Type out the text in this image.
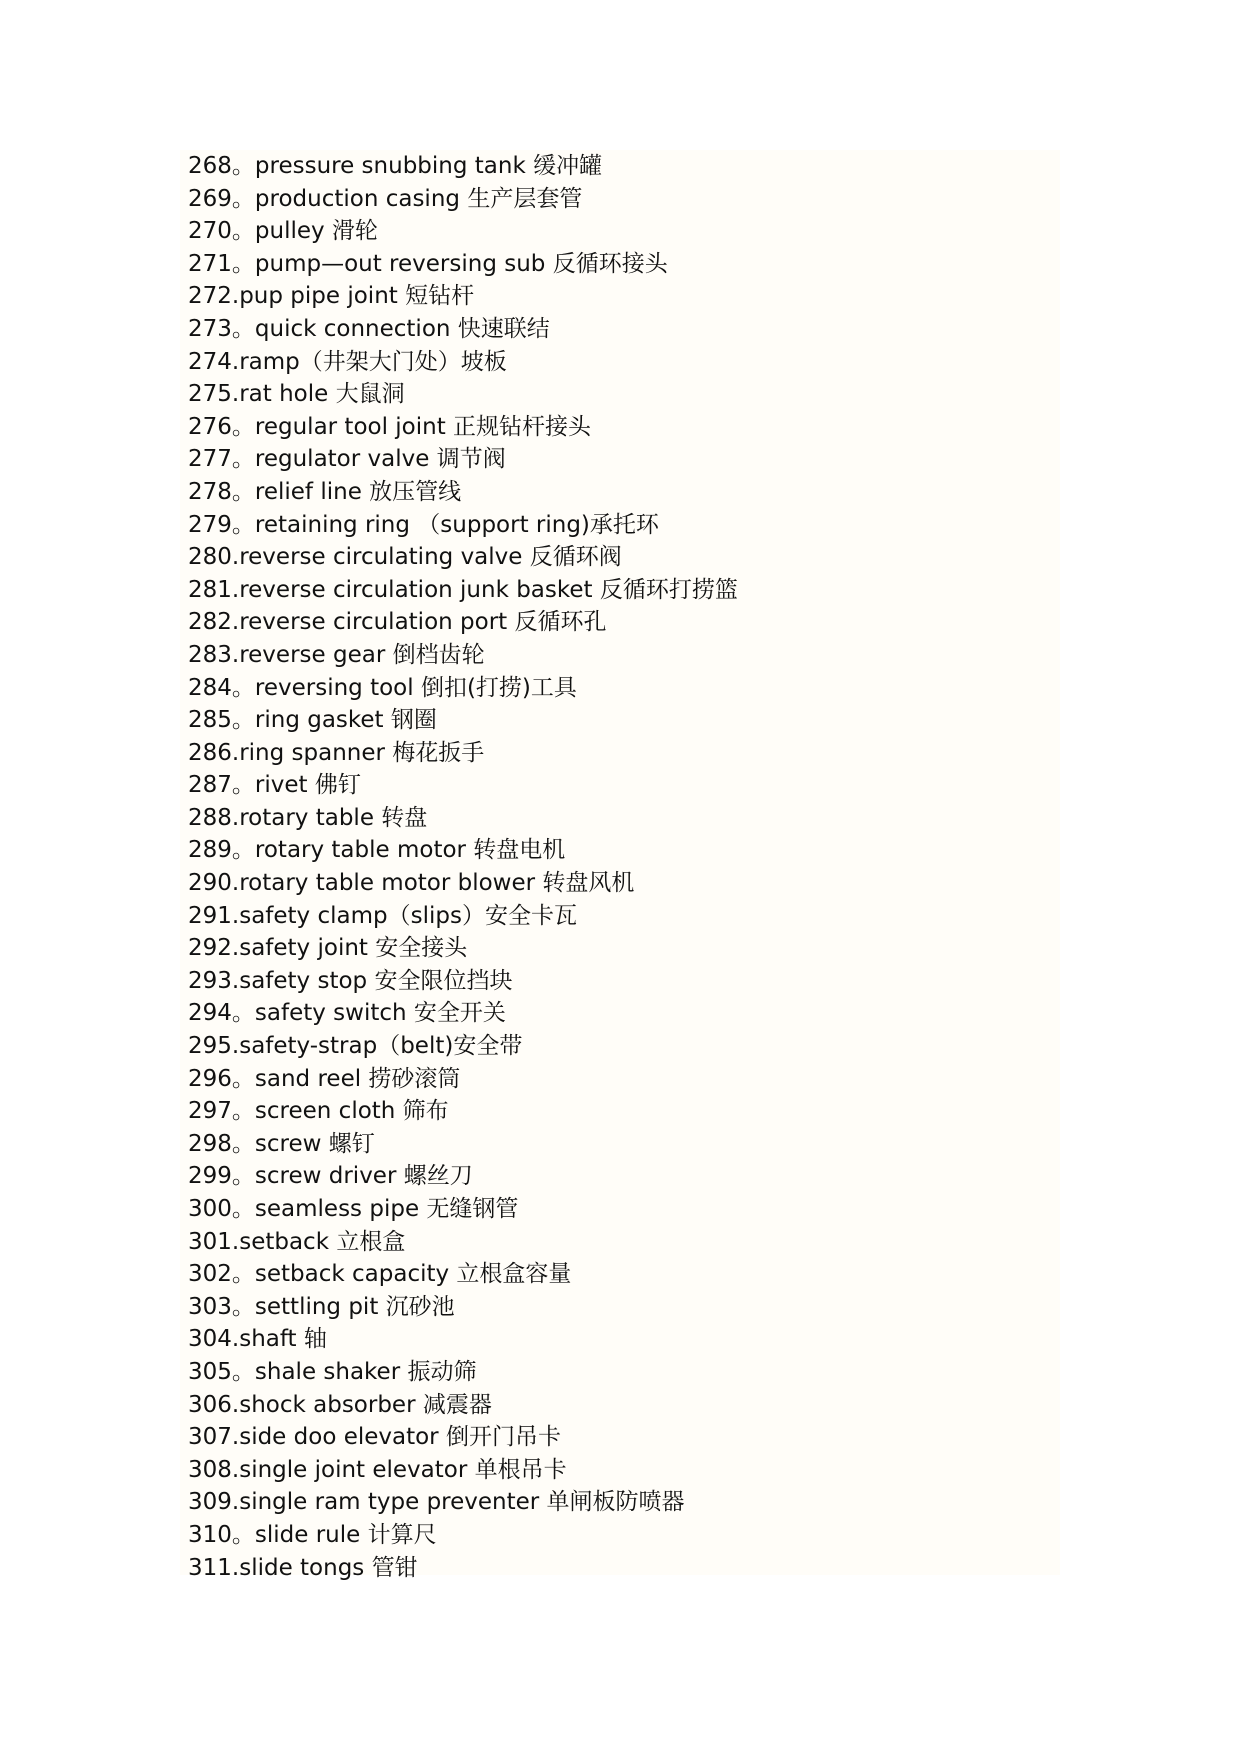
268。pressure snubbing tank 缓冲罐
269。production casing 生产层套管
270。pulley 滑轮
271。pump—out reversing sub 反循环接头
272.pup pipe joint 短钻杆
273。quick connection 快速联结
274.ramp（井架大门处）坡板
275.rat hole 大鼠洞
276。regular tool joint 正规钻杆接头
277。regulator valve 调节阀
278。relief line 放压管线
279。retaining ring （support ring)承托环
280.reverse circulating valve 反循环阀
281.reverse circulation junk basket 反循环打捞篮
282.reverse circulation port 反循环孔
283.reverse gear 倒档齿轮
284。reversing tool 倒扣(打捞)工具
285。ring gasket 钢圈
286.ring spanner 梅花扳手
287。rivet 佛钉
288.rotary table 转盘
289。rotary table motor 转盘电机
290.rotary table motor blower 转盘风机
291.safety clamp（slips）安全卡瓦
292.safety joint 安全接头
293.safety stop 安全限位挡块
294。safety switch 安全开关
295.safety-strap（belt)安全带
296。sand reel 捞砂滚筒
297。screen cloth 筛布
298。screw 螺钉
299。screw driver 螺丝刀
300。seamless pipe 无缝钢管
301.setback 立根盒
302。setback capacity 立根盒容量
303。settling pit 沉砂池
304.shaft 轴
305。shale shaker 振动筛
306.shock absorber 减震器
307.side doo elevator 倒开门吊卡
308.single joint elevator 单根吊卡
309.single ram type preventer 单闸板防喷器
310。slide rule 计算尺
311.slide tongs 管钳
